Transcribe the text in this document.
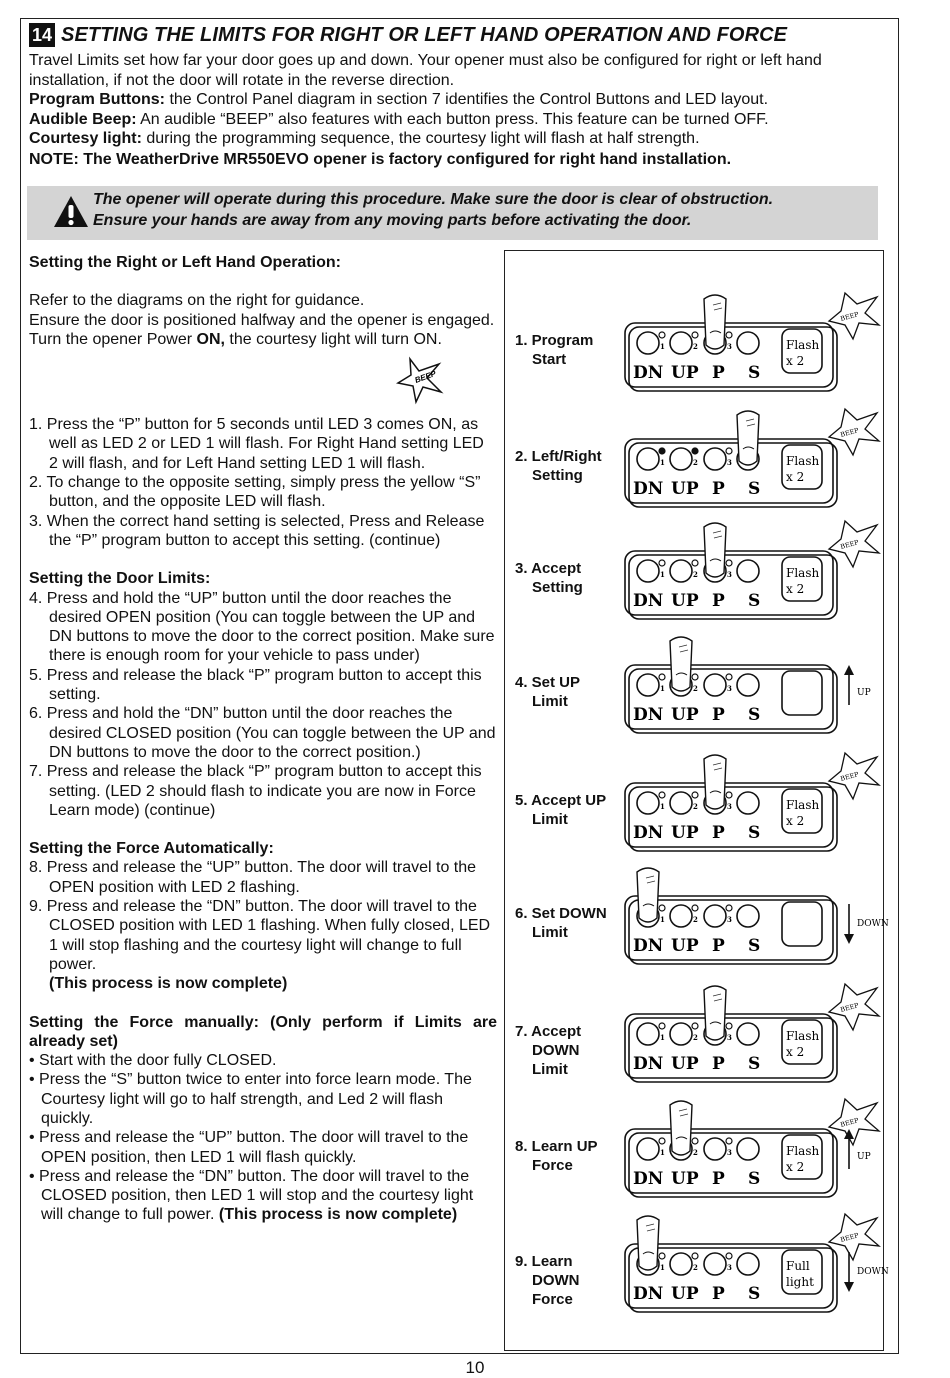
14 SETTING THE LIMITS FOR RIGHT OR LEFT HAND OPERATION AND FORCE

Travel Limits set how far your door goes up and down. Your opener must also be configured for right or left hand installation, if not the door will rotate in the reverse direction.

Program Buttons: the Control Panel diagram in section 7 identifies the Control Buttons and LED layout.

Audible Beep: An audible “BEEP” also features with each button press. This feature can be turned OFF.

Courtesy light: during the programming sequence, the courtesy light will flash at half strength.

NOTE: The WeatherDrive MR550EVO opener is factory configured for right hand installation.

The opener will operate during this procedure. Make sure the door is clear of obstruction.
Ensure your hands are away from any moving parts before activating the door.

Setting the Right or Left Hand Operation:

Refer to the diagrams on the right for guidance.

Ensure the door is positioned halfway and the opener is engaged.

Turn the opener Power ON, the courtesy light will turn ON.

BEEP

1. Press the “P” button for 5 seconds until LED 3 comes ON, as well as LED 2 or LED 1 will flash. For Right Hand setting LED 2 will flash, and for Left Hand setting LED 1 will flash.

2. To change to the opposite setting, simply press the yellow “S” button, and the opposite LED will flash.

3. When the correct hand setting is selected, Press and Release the “P” program button to accept this setting. (continue)

Setting the Door Limits:

4. Press and hold the “UP” button until the door reaches the desired OPEN position (You can toggle between the UP and DN buttons to move the door to the correct position. Make sure there is enough room for your vehicle to pass under)

5. Press and release the black “P” program button to accept this setting.

6. Press and hold the “DN” button until the door reaches the desired CLOSED position (You can toggle between the UP and DN buttons to move the door to the correct position.)

7. Press and release the black “P” program button to accept this setting. (LED 2 should flash to indicate you are now in Force Learn mode) (continue)

Setting the Force Automatically:

8. Press and release the “UP” button. The door will travel to the OPEN position with LED 2 flashing.

9. Press and release the “DN” button. The door will travel to the CLOSED position with LED 1 flashing. When fully closed, LED 1 will stop flashing and the courtesy light will change to full power.

(This process is now complete)

Setting the Force manually: (Only perform if Limits are already set)

• Start with the door fully CLOSED.

• Press the “S” button twice to enter into force learn mode. The Courtesy light will go to half strength, and Led 2 will flash quickly.

• Press and release the “UP” button. The door will travel to the OPEN position, then LED 1 will flash quickly.

• Press and release the “DN” button. The door will travel to the CLOSED position, then LED 1 will stop and the courtesy light will change to full power. (This process is now complete)

1. Program
Start
1	2	3
DN UP P S
Flash
x 2
BEEP
2. Left/Right
Setting
1	2	3
DN UP P S
Flash
x 2
BEEP
3. Accept
Setting
1	2	3
DN UP P S
Flash
x 2
BEEP
4. Set UP
Limit
1	2	3
DN UP P S
UP
5. Accept UP
Limit
1	2	3
DN UP P S
Flash
x 2
BEEP
6. Set DOWN
Limit
1	2	3
DN UP P S
DOWN
7. Accept
DOWN
Limit
1	2	3
DN UP P S
Flash
x 2
BEEP
8. Learn UP
Force
1	2	3
DN UP P S
Flash
x 2
BEEP
UP
9. Learn
DOWN
Force
1	2	3
DN UP P S
Full
light
BEEP
DOWN
10
